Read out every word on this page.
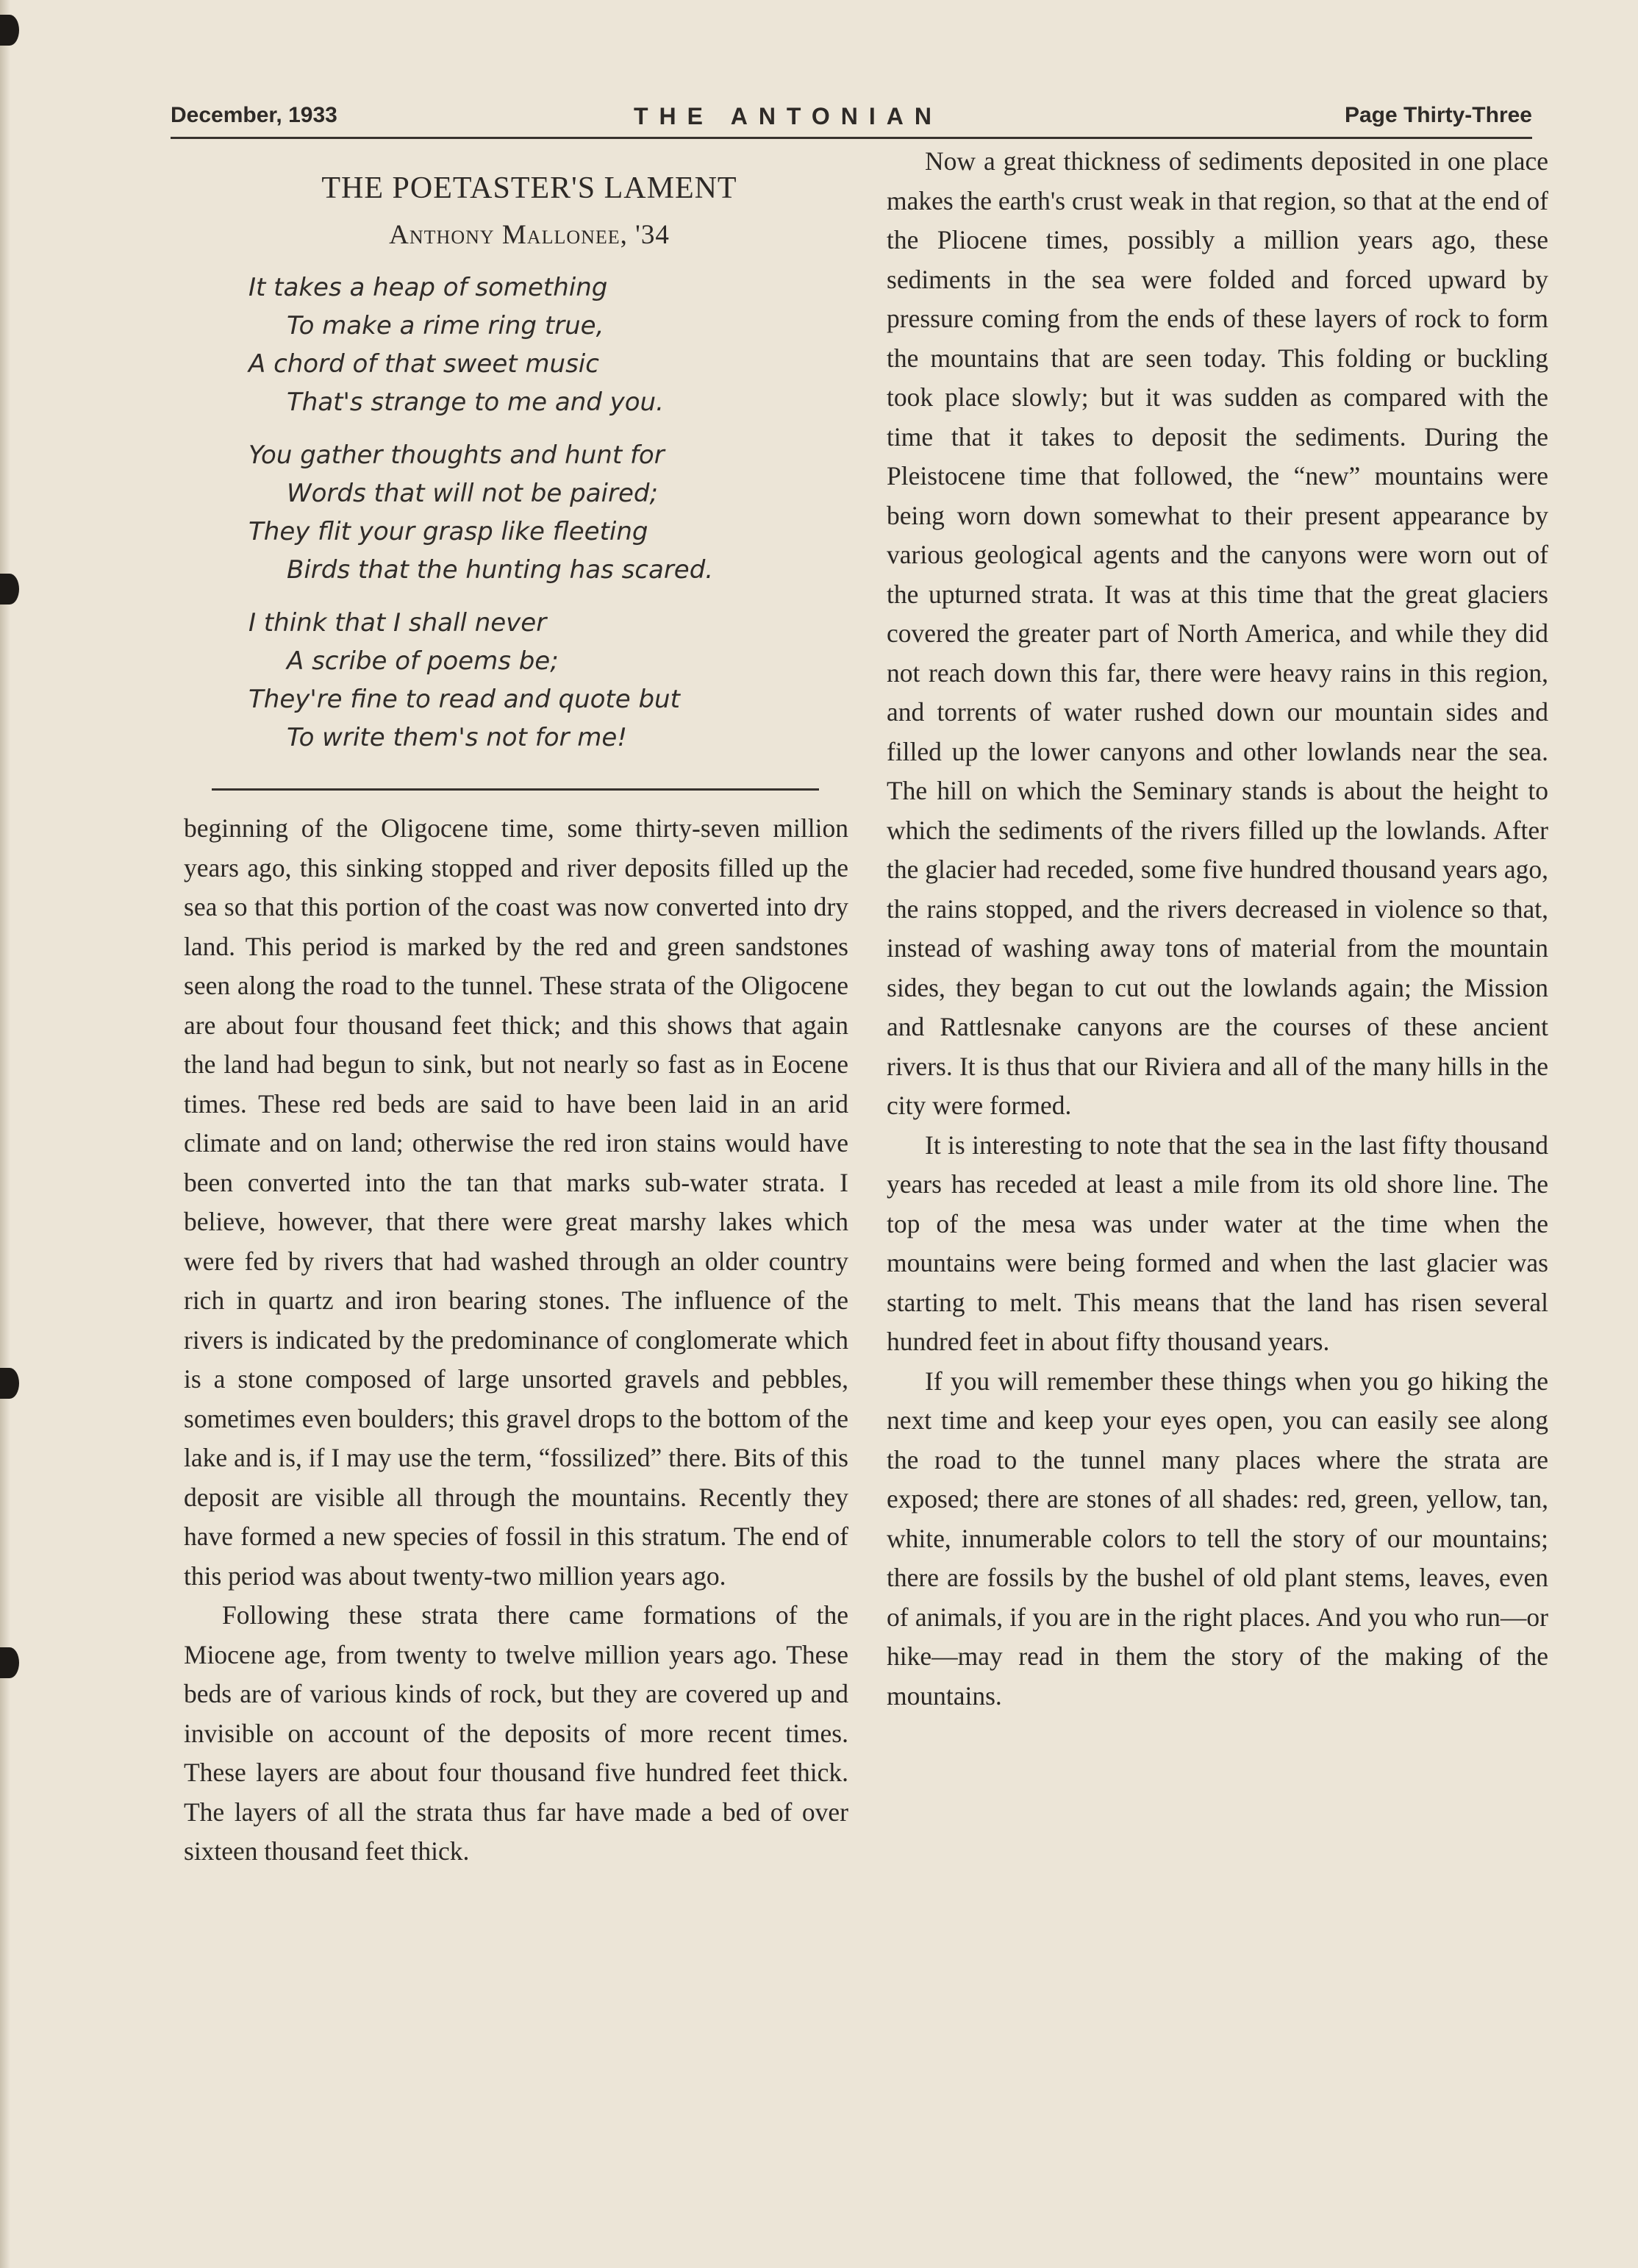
December, 1933	THE ANTONIAN	Page Thirty-Three
THE POETASTER'S LAMENT
Anthony Mallonee, '34
It takes a heap of something
To make a rime ring true,
A chord of that sweet music
That's strange to me and you.
You gather thoughts and hunt for
Words that will not be paired;
They flit your grasp like fleeting
Birds that the hunting has scared.
I think that I shall never
A scribe of poems be;
They're fine to read and quote but
To write them's not for me!

beginning of the Oligocene time, some thirty-seven million years ago, this sinking stopped and river deposits filled up the sea so that this portion of the coast was now converted into dry land. This period is marked by the red and green sandstones seen along the road to the tunnel. These strata of the Oligocene are about four thousand feet thick; and this shows that again the land had begun to sink, but not nearly so fast as in Eocene times. These red beds are said to have been laid in an arid climate and on land; otherwise the red iron stains would have been converted into the tan that marks sub-water strata. I believe, however, that there were great marshy lakes which were fed by rivers that had washed through an older country rich in quartz and iron bearing stones. The influence of the rivers is indicated by the predominance of conglomerate which is a stone composed of large unsorted gravels and pebbles, sometimes even boulders; this gravel drops to the bottom of the lake and is, if I may use the term, “fossilized” there. Bits of this deposit are visible all through the mountains. Recently they have formed a new species of fossil in this stratum. The end of this period was about twenty-two million years ago.

Following these strata there came formations of the Miocene age, from twenty to twelve million years ago. These beds are of various kinds of rock, but they are covered up and invisible on account of the deposits of more recent times. These layers are about four thousand five hundred feet thick. The layers of all the strata thus far have made a bed of over sixteen thousand feet thick.

Now a great thickness of sediments deposited in one place makes the earth's crust weak in that region, so that at the end of the Pliocene times, possibly a million years ago, these sediments in the sea were folded and forced upward by pressure coming from the ends of these layers of rock to form the mountains that are seen today. This folding or buckling took place slowly; but it was sudden as compared with the time that it takes to deposit the sediments. During the Pleistocene time that followed, the “new” mountains were being worn down somewhat to their present appearance by various geological agents and the canyons were worn out of the upturned strata. It was at this time that the great glaciers covered the greater part of North America, and while they did not reach down this far, there were heavy rains in this region, and torrents of water rushed down our mountain sides and filled up the lower canyons and other lowlands near the sea. The hill on which the Seminary stands is about the height to which the sediments of the rivers filled up the lowlands. After the glacier had receded, some five hundred thousand years ago, the rains stopped, and the rivers decreased in violence so that, instead of washing away tons of material from the mountain sides, they began to cut out the lowlands again; the Mission and Rattlesnake canyons are the courses of these ancient rivers. It is thus that our Riviera and all of the many hills in the city were formed.

It is interesting to note that the sea in the last fifty thousand years has receded at least a mile from its old shore line. The top of the mesa was under water at the time when the mountains were being formed and when the last glacier was starting to melt. This means that the land has risen several hundred feet in about fifty thousand years.

If you will remember these things when you go hiking the next time and keep your eyes open, you can easily see along the road to the tunnel many places where the strata are exposed; there are stones of all shades: red, green, yellow, tan, white, innumerable colors to tell the story of our mountains; there are fossils by the bushel of old plant stems, leaves, even of animals, if you are in the right places. And you who run—or hike—may read in them the story of the making of the mountains.
